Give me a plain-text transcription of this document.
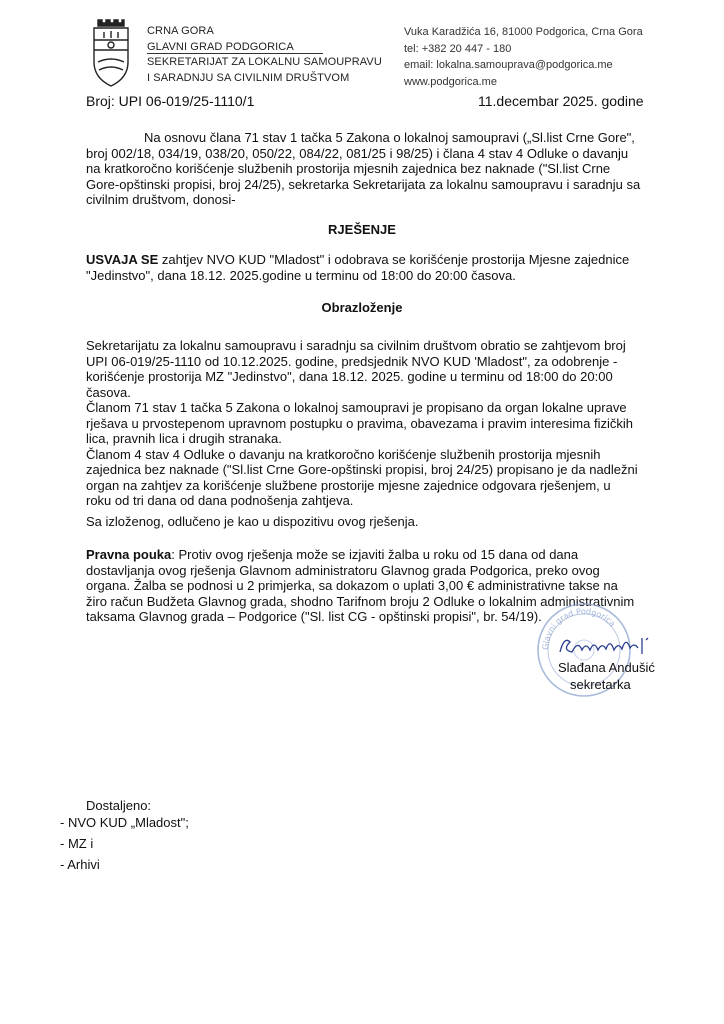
CRNA GORA
GLAVNI GRAD PODGORICA
SEKRETARIJAT ZA LOKALNU SAMOUPRAVU
I SARADNJU SA CIVILNIM DRUŠTVOM
Vuka Karadžića 16, 81000 Podgorica, Crna Gora
tel: +382 20 447 - 180
email: lokalna.samouprava@podgorica.me
www.podgorica.me
Broj: UPI 06-019/25-1110/1	11.decembar 2025. godine
Na osnovu člana 71 stav 1 tačka 5 Zakona o lokalnoj samoupravi („Sl.list Crne Gore",
broj 002/18, 034/19, 038/20, 050/22, 084/22, 081/25 i 98/25) i člana 4 stav 4 Odluke o davanju
na kratkoročno korišćenje službenih prostorija mjesnih zajednica bez naknade ("Sl.list Crne
Gore-opštinski propisi, broj 24/25), sekretarka Sekretarijata za lokalnu samoupravu i saradnju sa
civilnim društvom, donosi-
RJEŠENJE
USVAJA SE zahtjev NVO KUD "Mladost" i odobrava se korišćenje prostorija Mjesne zajednice
"Jedinstvo", dana 18.12. 2025.godine u terminu od 18:00 do 20:00 časova.
Obrazloženje
Sekretarijatu za lokalnu samoupravu i saradnju sa civilnim društvom obratio se zahtjevom broj
UPI 06-019/25-1110 od 10.12.2025. godine, predsjednik NVO KUD 'Mladost", za odobrenje -
korišćenje prostorija MZ "Jedinstvo", dana 18.12. 2025. godine u terminu od 18:00 do 20:00
časova.
Članom 71 stav 1 tačka 5 Zakona o lokalnoj samoupravi je propisano da organ lokalne uprave
rješava u prvostepenom upravnom postupku o pravima, obavezama i pravim interesima fizičkih
lica, pravnih lica i drugih stranaka.
Članom 4 stav 4 Odluke o davanju na kratkoročno korišćenje službenih prostorija mjesnih
zajednica bez naknade ("Sl.list Crne Gore-opštinski propisi, broj 24/25) propisano je da nadležni
organ na zahtjev za korišćenje službene prostorije mjesne zajednice odgovara rješenjem, u
roku od tri dana od dana podnošenja zahtjeva.
Sa izloženog, odlučeno je kao u dispozitivu ovog rješenja.
Pravna pouka: Protiv ovog rješenja može se izjaviti žalba u roku od 15 dana od dana
dostavljanja ovog rješenja Glavnom administratoru Glavnog grada Podgorica, preko ovog
organa. Žalba se podnosi u 2 primjerka, sa dokazom o uplati 3,00 € administrativne takse na
žiro račun Budžeta Glavnog grada, shodno Tarifnom broju 2 Odluke o lokalnim administrativnim
taksama Glavnog grada – Podgorice ("Sl. list CG - opštinski propisi", br. 54/19).
Glavni grad Podgorica
Slađana Andušić
sekretarka
Dostaljeno:
- NVO KUD „Mladost";
- MZ i
- Arhivi
